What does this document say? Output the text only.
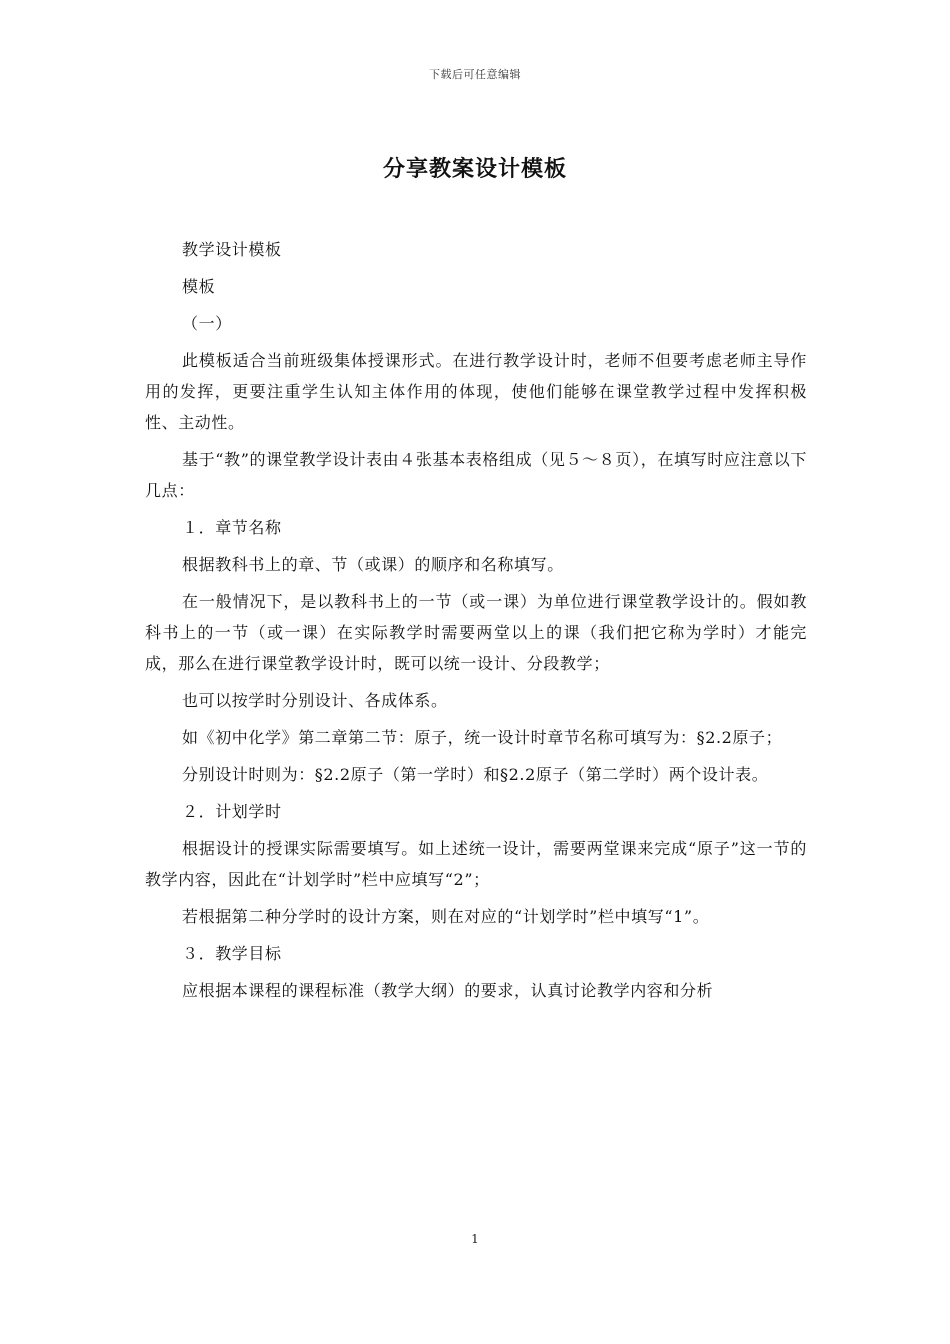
下载后可任意编辑
分享教案设计模板

教学设计模板

模板

（一）

此模板适合当前班级集体授课形式。在进行教学设计时，老师不但要考虑老师主导作用的发挥，更要注重学生认知主体作用的体现，使他们能够在课堂教学过程中发挥积极性、主动性。

基于“教”的课堂教学设计表由４张基本表格组成（见５～８页），在填写时应注意以下几点：

１．章节名称

根据教科书上的章、节（或课）的顺序和名称填写。

在一般情况下，是以教科书上的一节（或一课）为单位进行课堂教学设计的。假如教科书上的一节（或一课）在实际教学时需要两堂以上的课（我们把它称为学时）才能完成，那么在进行课堂教学设计时，既可以统一设计、分段教学；

也可以按学时分别设计、各成体系。

如《初中化学》第二章第二节：原子，统一设计时章节名称可填写为：§2.2原子；

分别设计时则为：§2.2原子（第一学时）和§2.2原子（第二学时）两个设计表。

２．计划学时

根据设计的授课实际需要填写。如上述统一设计，需要两堂课来完成“原子”这一节的教学内容，因此在“计划学时”栏中应填写“2”；

若根据第二种分学时的设计方案，则在对应的“计划学时”栏中填写“1”。

３．教学目标

应根据本课程的课程标准（教学大纲）的要求，认真讨论教学内容和分析

1
